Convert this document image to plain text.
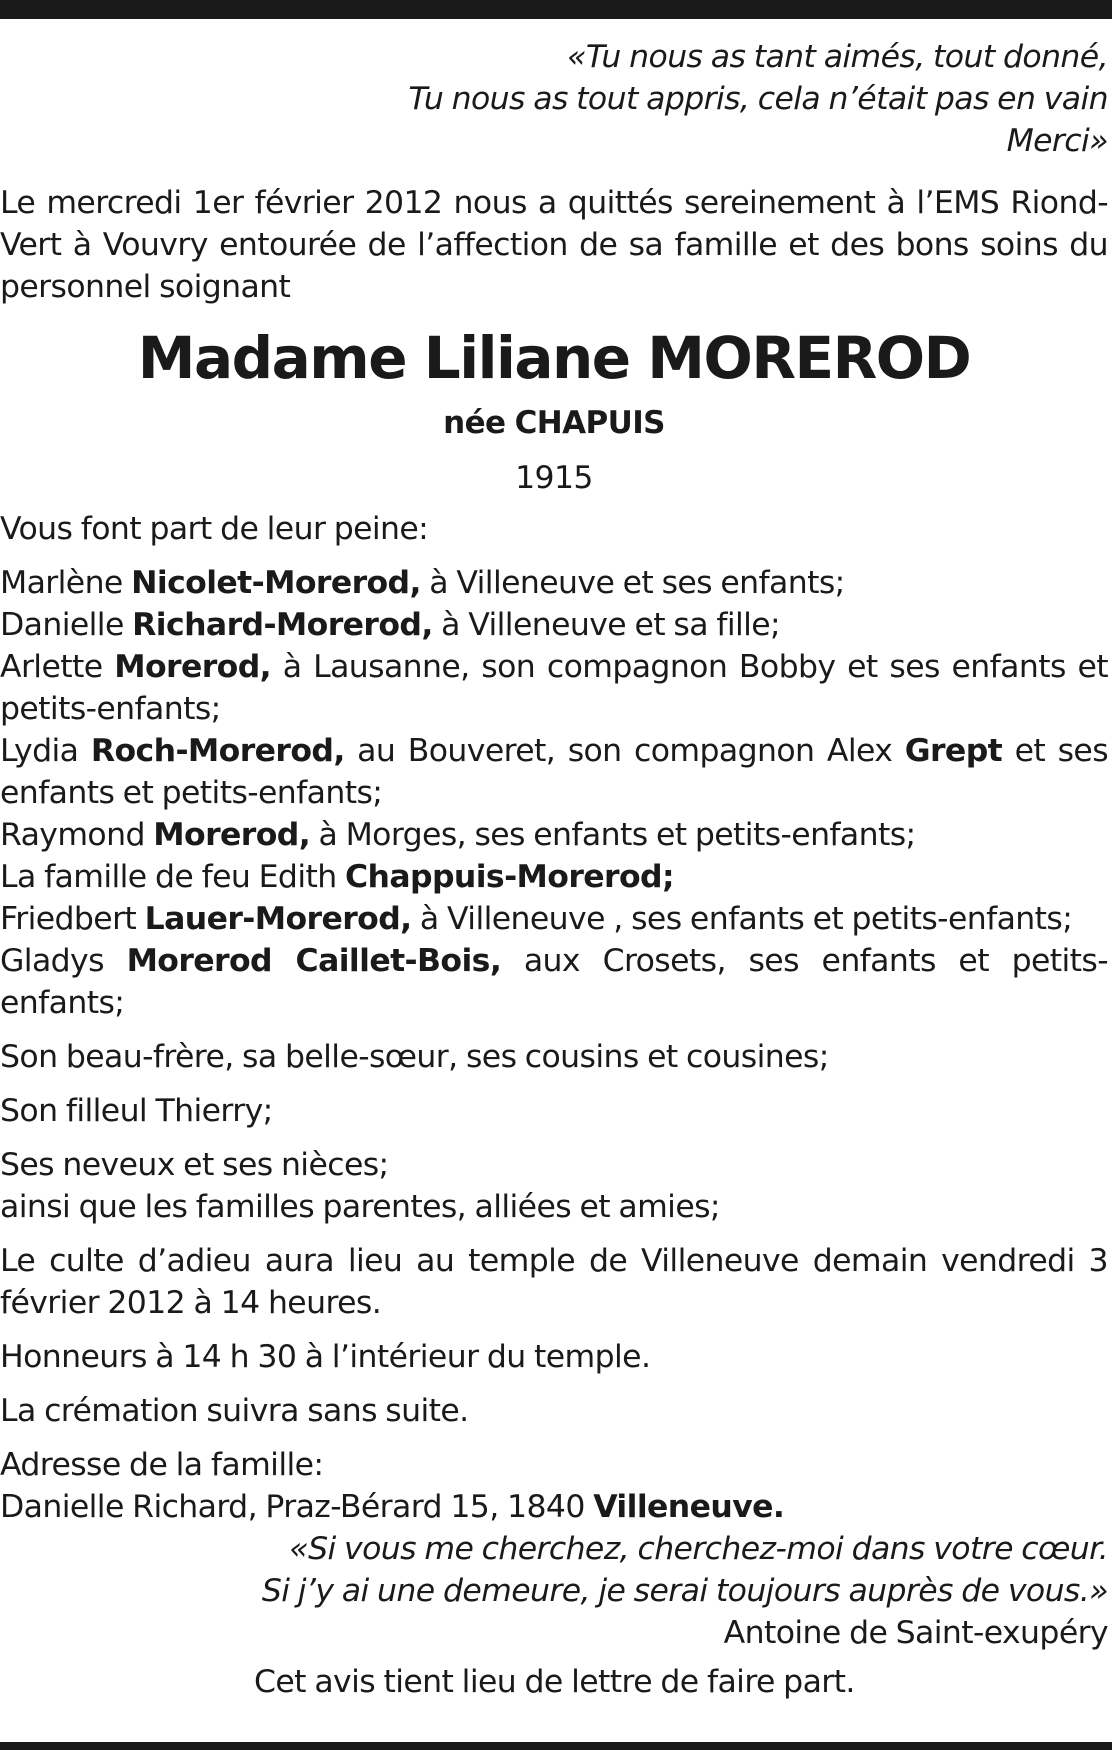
«Tu nous as tant aimés, tout donné,
Tu nous as tout appris, cela n’était pas en vain
Merci»
Le mercredi 1er février 2012 nous a quittés sereinement à l’EMS Riond-Vert à Vouvry entourée de l’affection de sa famille et des bons soins du personnel soignant
Madame Liliane MOREROD
née CHAPUIS
1915
Vous font part de leur peine:
Marlène Nicolet-Morerod, à Villeneuve et ses enfants;
Danielle Richard-Morerod, à Villeneuve et sa fille;
Arlette Morerod, à Lausanne, son compagnon Bobby et ses enfants et petits-enfants;
Lydia Roch-Morerod, au Bouveret, son compagnon Alex Grept et ses enfants et petits-enfants;
Raymond Morerod, à Morges, ses enfants et petits-enfants;
La famille de feu Edith Chappuis-Morerod;
Friedbert Lauer-Morerod, à Villeneuve , ses enfants et petits-enfants;
Gladys Morerod Caillet-Bois, aux Crosets, ses enfants et petits-enfants;
Son beau-frère, sa belle-sœur, ses cousins et cousines;
Son filleul Thierry;
Ses neveux et ses nièces;
ainsi que les familles parentes, alliées et amies;
Le culte d’adieu aura lieu au temple de Villeneuve demain vendredi 3 février 2012 à 14 heures.
Honneurs à 14 h 30 à l’intérieur du temple.
La crémation suivra sans suite.
Adresse de la famille:
Danielle Richard, Praz-Bérard 15, 1840 Villeneuve.
«Si vous me cherchez, cherchez-moi dans votre cœur.
Si j’y ai une demeure, je serai toujours auprès de vous.»
Antoine de Saint-exupéry
Cet avis tient lieu de lettre de faire part.
